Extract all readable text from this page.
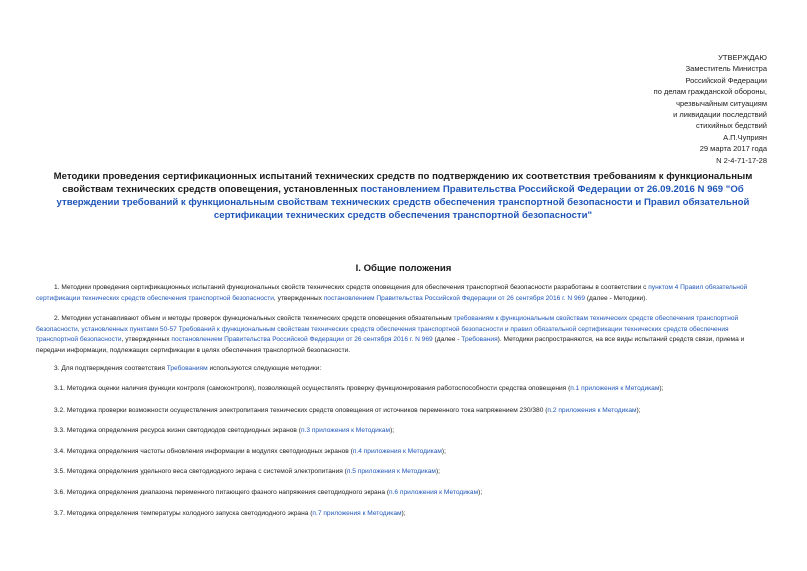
УТВЕРЖДАЮ
Заместитель Министра
Российской Федерации
по делам гражданской обороны,
чрезвычайным ситуациям
и ликвидации последствий
стихийных бедствий
А.П.Чуприян
29 марта 2017 года
N 2-4-71-17-28
Методики проведения сертификационных испытаний технических средств по подтверждению их соответствия требованиям к функциональным свойствам технических средств оповещения, установленных постановлением Правительства Российской Федерации от 26.09.2016 N 969 "Об утверждении требований к функциональным свойствам технических средств обеспечения транспортной безопасности и Правил обязательной сертификации технических средств обеспечения транспортной безопасности"
I. Общие положения
1. Методики проведения сертификационных испытаний функциональных свойств технических средств оповещения для обеспечения транспортной безопасности разработаны в соответствии с пунктом 4 Правил обязательной сертификации технических средств обеспечения транспортной безопасности, утвержденных постановлением Правительства Российской Федерации от 26 сентября 2016 г. N 969 (далее - Методики).
2. Методики устанавливают объем и методы проверок функциональных свойств технических средств оповещения обязательным требованиям к функциональным свойствам технических средств обеспечения транспортной безопасности, установленных пунктами 50-57 Требований к функциональным свойствам технических средств обеспечения транспортной безопасности и правил обязательной сертификации технических средств обеспечения транспортной безопасности, утвержденных постановлением Правительства Российской Федерации от 26 сентября 2016 г. N 969 (далее - Требования). Методики распространяются, на все виды испытаний средств связи, приема и передачи информации, подлежащих сертификации в целях обеспечения транспортной безопасности.
3. Для подтверждения соответствия Требованиям используются следующие методики:
3.1. Методика оценки наличия функции контроля (самоконтроля), позволяющей осуществлять проверку функционирования работоспособности средства оповещения (п.1 приложения к Методикам);
3.2. Методика проверки возможности осуществления электропитания технических средств оповещения от источников переменного тока напряжением 230/380 (п.2 приложения к Методикам);
3.3. Методика определения ресурса жизни светодиодов светодиодных экранов (п.3 приложения к Методикам);
3.4. Методика определения частоты обновления информации в модулях светодиодных экранов (п.4 приложения к Методикам);
3.5. Методика определения удельного веса светодиодного экрана с системой электропитания (п.5 приложения к Методикам);
3.6. Методика определения диапазона переменного питающего фазного напряжения светодиодного экрана (п.6 приложения к Методикам);
3.7. Методика определения температуры холодного запуска светодиодного экрана (п.7 приложения к Методикам);
